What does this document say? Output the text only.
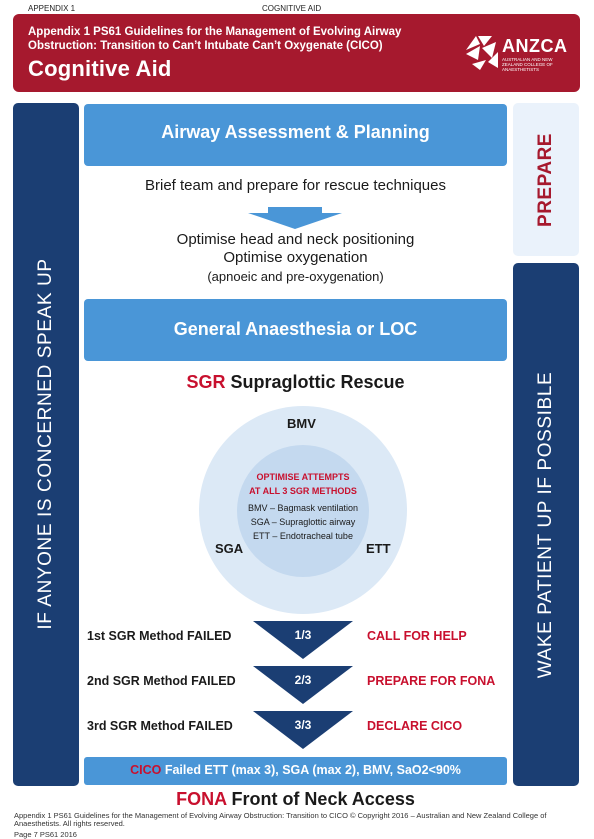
APPENDIX 1	COGNITIVE AID
Appendix 1 PS61 Guidelines for the Management of Evolving Airway
Obstruction: Transition to Can’t Intubate Can’t Oxygenate (CICO)
Cognitive Aid
ANZCA
AUSTRALIAN AND NEW ZEALAND COLLEGE OF ANAESTHETISTS
IF ANYONE IS CONCERNED SPEAK UP
PREPARE
WAKE PATIENT UP IF POSSIBLE
Airway Assessment & Planning
Brief team and prepare for rescue techniques
Optimise head and neck positioning
Optimise oxygenation
(apnoeic and pre-oxygenation)
General Anaesthesia or LOC
SGR Supraglottic Rescue
BMV
SGA	ETT
OPTIMISE ATTEMPTS
AT ALL 3 SGR METHODS
BMV – Bagmask ventilation
SGA – Supraglottic airway
ETT – Endotracheal tube
1st SGR Method FAILED	1/3	CALL FOR HELP
2nd SGR Method FAILED	2/3	PREPARE FOR FONA
3rd SGR Method FAILED	3/3	DECLARE CICO
CICO Failed ETT (max 3), SGA (max 2), BMV, SaO2<90%
FONA Front of Neck Access
Appendix 1 PS61 Guidelines for the Management of Evolving Airway Obstruction: Transition to CICO © Copyright 2016 – Australian and New Zealand College of Anaesthetists. All rights reserved.
Page 7 PS61 2016
